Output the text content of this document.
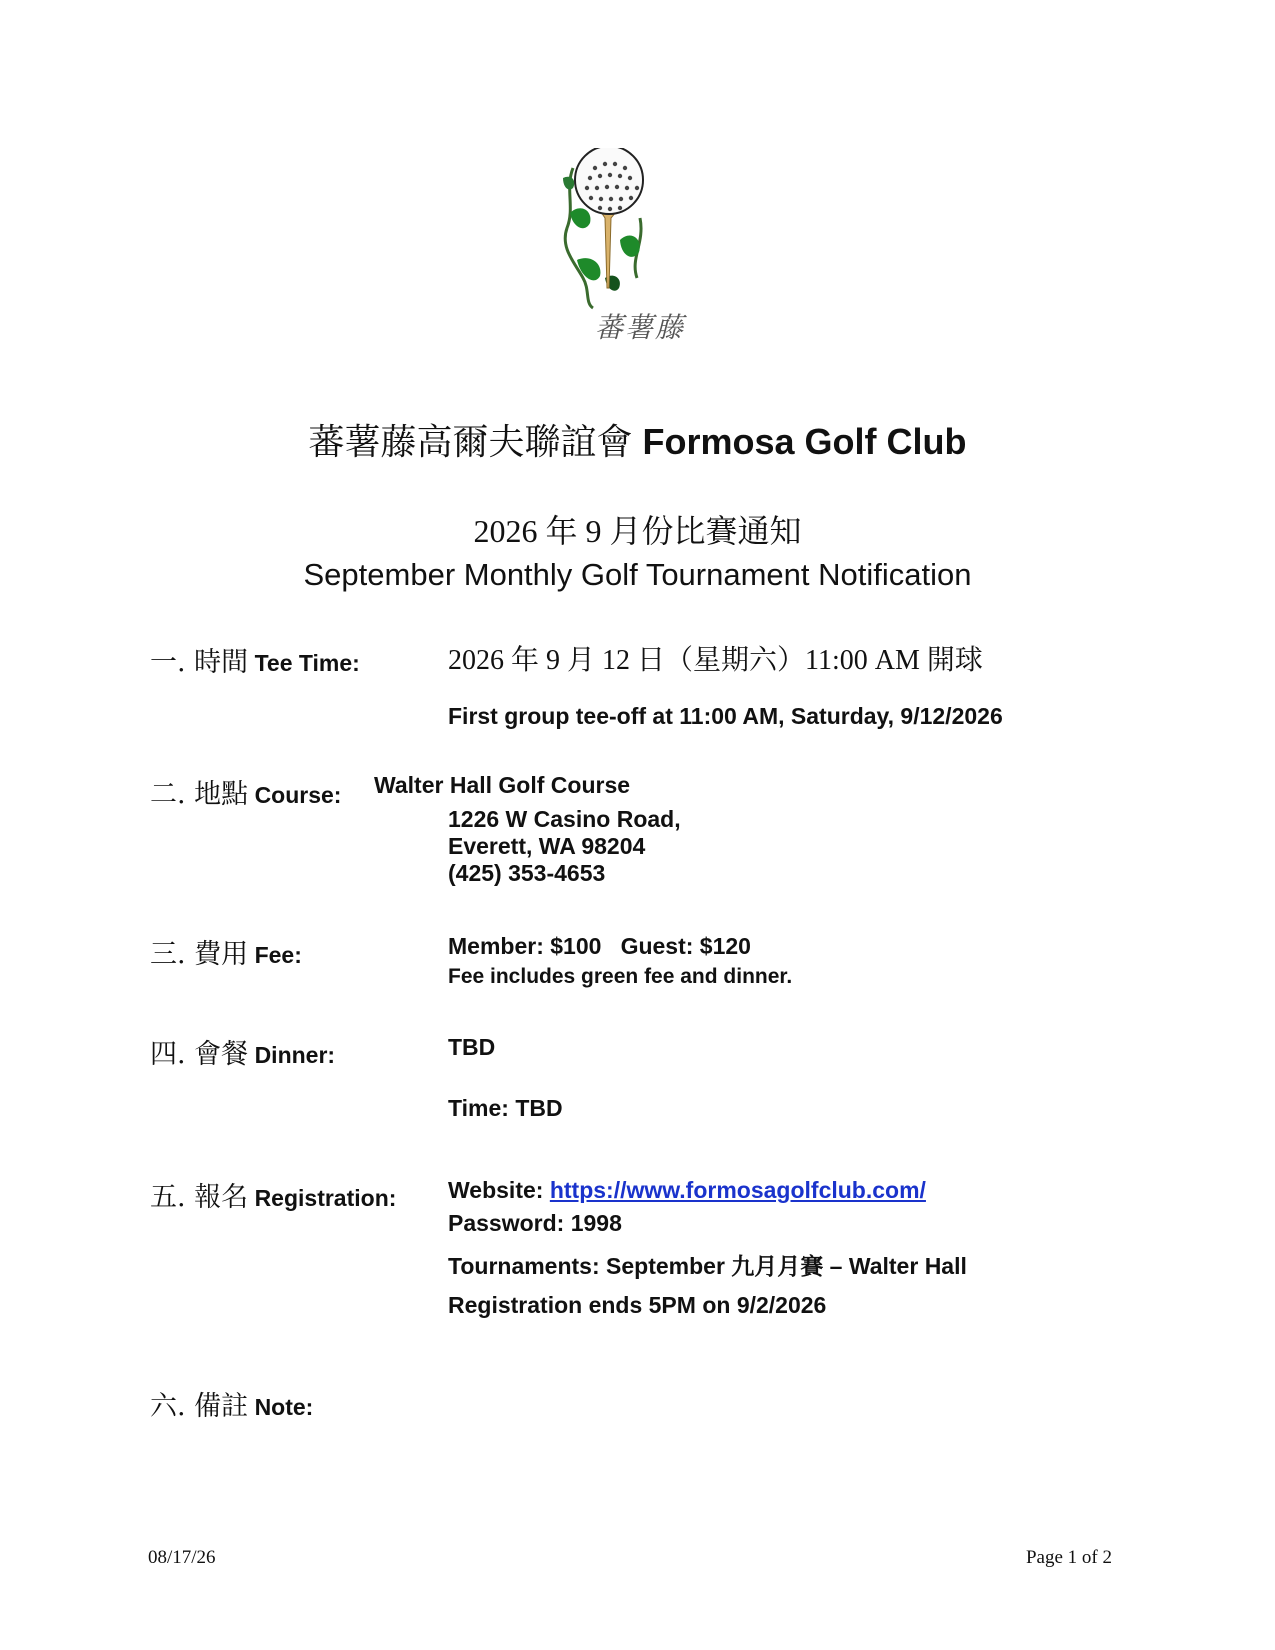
蕃薯藤
蕃薯藤高爾夫聯誼會 Formosa Golf Club
2026 年 9 月份比賽通知
September Monthly Golf Tournament Notification
一. 時間 Tee Time:	2026 年 9 月 12 日（星期六）11:00 AM 開球
First group tee-off at 11:00 AM, Saturday, 9/12/2026
二. 地點 Course: Walter Hall Golf Course
1226 W Casino Road,
Everett, WA 98204
(425) 353-4653
三. 費用 Fee:	Member: $100   Guest: $120
Fee includes green fee and dinner.
四. 會餐 Dinner:	TBD
Time: TBD
五. 報名 Registration: Website: https://www.formosagolfclub.com/
Password: 1998
Tournaments: September 九月月賽 – Walter Hall
Registration ends 5PM on 9/2/2026
六. 備註 Note:
08/17/26	Page 1 of 2
